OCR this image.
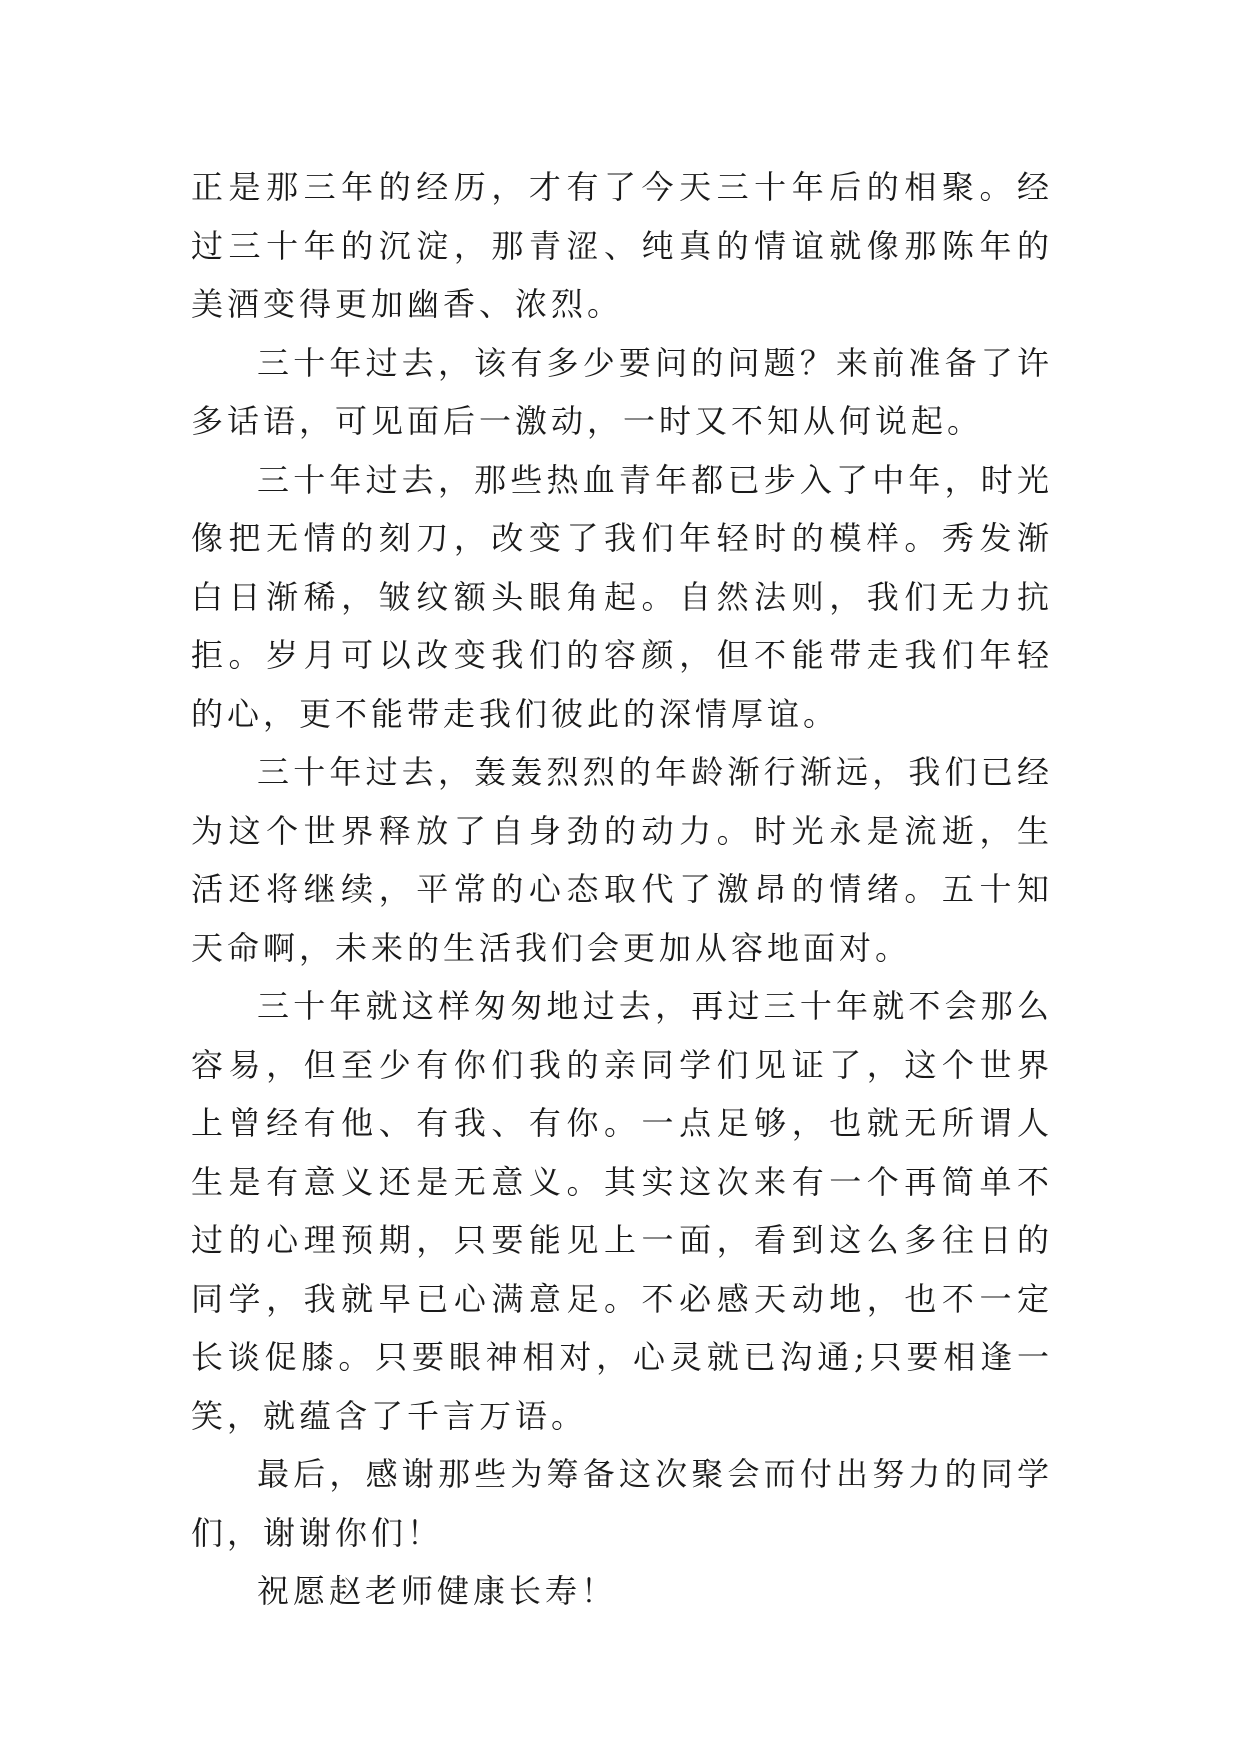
正是那三年的经历，才有了今天三十年后的相聚。经过三十年的沉淀，那青涩、纯真的情谊就像那陈年的美酒变得更加幽香、浓烈。

三十年过去，该有多少要问的问题？来前准备了许多话语，可见面后一激动，一时又不知从何说起。

三十年过去，那些热血青年都已步入了中年，时光像把无情的刻刀，改变了我们年轻时的模样。秀发渐白日渐稀，皱纹额头眼角起。自然法则，我们无力抗拒。岁月可以改变我们的容颜，但不能带走我们年轻的心，更不能带走我们彼此的深情厚谊。

三十年过去，轰轰烈烈的年龄渐行渐远，我们已经为这个世界释放了自身劲的动力。时光永是流逝，生活还将继续，平常的心态取代了激昂的情绪。五十知天命啊，未来的生活我们会更加从容地面对。

三十年就这样匆匆地过去，再过三十年就不会那么容易，但至少有你们我的亲同学们见证了，这个世界上曾经有他、有我、有你。一点足够，也就无所谓人生是有意义还是无意义。其实这次来有一个再简单不过的心理预期，只要能见上一面，看到这么多往日的同学，我就早已心满意足。不必感天动地，也不一定长谈促膝。只要眼神相对，心灵就已沟通;只要相逢一笑，就蕴含了千言万语。

最后，感谢那些为筹备这次聚会而付出努力的同学们，谢谢你们！

祝愿赵老师健康长寿！
